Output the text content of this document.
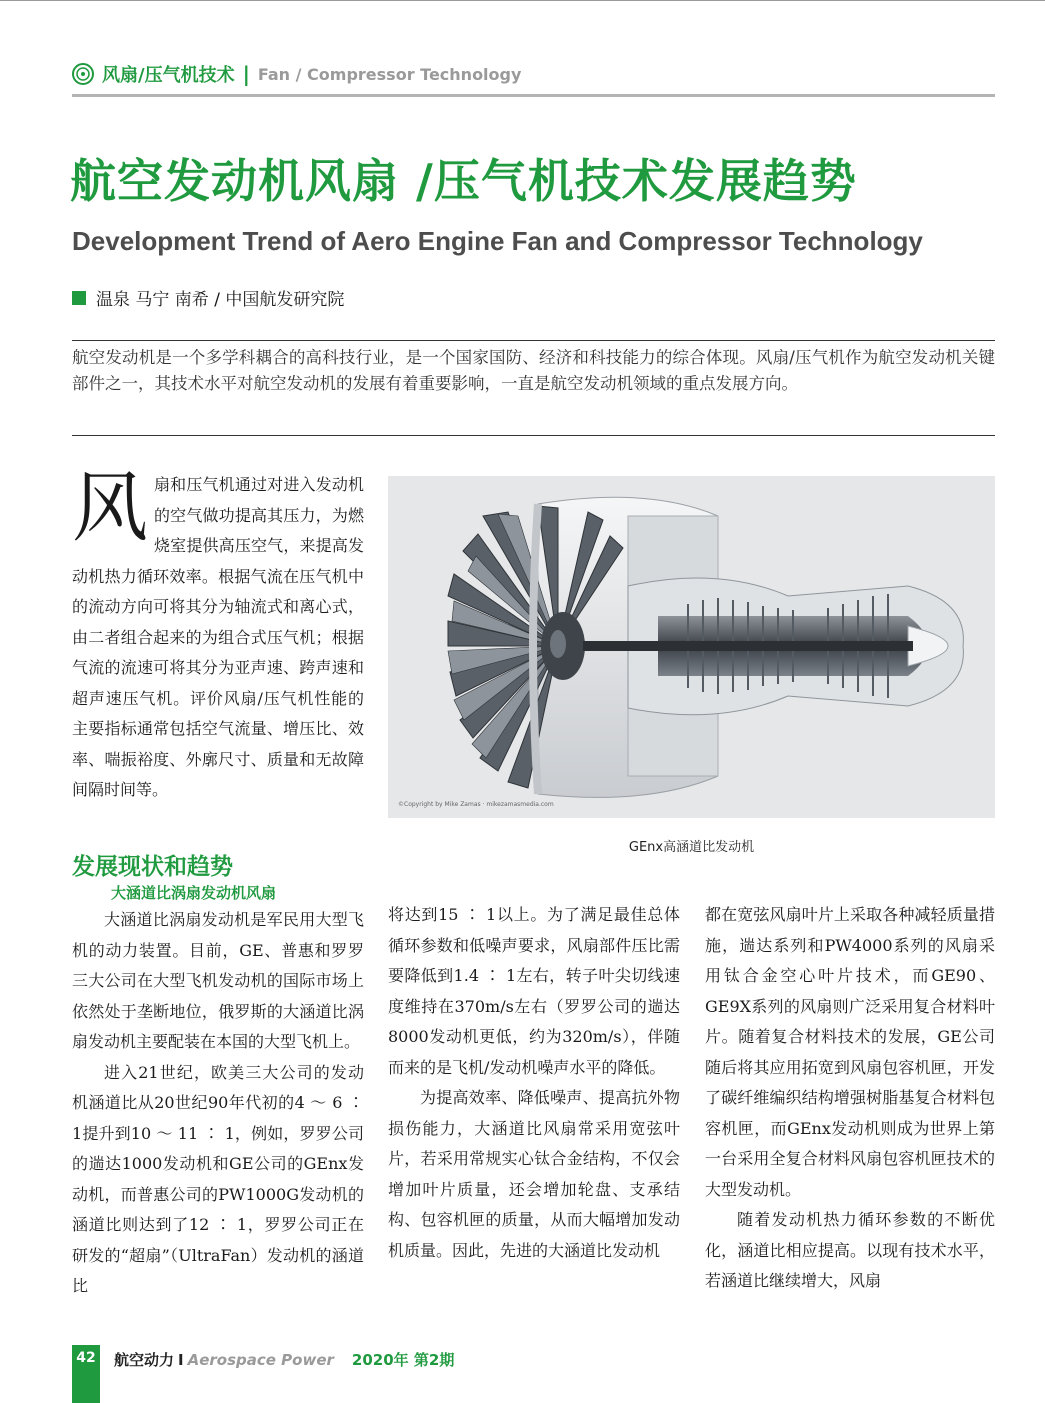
风扇/压气机技术 | Fan / Compressor Technology
航空发动机风扇 /压气机技术发展趋势
Development Trend of Aero Engine Fan and Compressor Technology
温泉 马宁 南希 / 中国航发研究院
航空发动机是一个多学科耦合的高科技行业，是一个国家国防、经济和科技能力的综合体现。风扇/压气机作为航空发动机关键部件之一，其技术水平对航空发动机的发展有着重要影响，一直是航空发动机领域的重点发展方向。
风扇和压气机通过对进入发动机的空气做功提高其压力，为燃烧室提供高压空气，来提高发动机热力循环效率。根据气流在压气机中的流动方向可将其分为轴流式和离心式，由二者组合起来的为组合式压气机；根据气流的流速可将其分为亚声速、跨声速和超声速压气机。评价风扇/压气机性能的主要指标通常包括空气流量、增压比、效率、喘振裕度、外廓尺寸、质量和无故障间隔时间等。
©Copyright by Mike Zamas · mikezamasmedia.com
GEnx高涵道比发动机
发展现状和趋势
大涵道比涡扇发动机风扇

大涵道比涡扇发动机是军民用大型飞机的动力装置。目前，GE、普惠和罗罗三大公司在大型飞机发动机的国际市场上依然处于垄断地位，俄罗斯的大涵道比涡扇发动机主要配装在本国的大型飞机上。

进入21世纪，欧美三大公司的发动机涵道比从20世纪90年代初的4 ～ 6 ∶ 1提升到10 ～ 11 ∶ 1，例如，罗罗公司的遄达1000发动机和GE公司的GEnx发动机，而普惠公司的PW1000G发动机的涵道比则达到了12 ∶ 1，罗罗公司正在研发的“超扇”（UltraFan）发动机的涵道比

将达到15 ∶ 1以上。为了满足最佳总体循环参数和低噪声要求，风扇部件压比需要降低到1.4 ∶ 1左右，转子叶尖切线速度维持在370m/s左右（罗罗公司的遄达8000发动机更低，约为320m/s），伴随而来的是飞机/发动机噪声水平的降低。

为提高效率、降低噪声、提高抗外物损伤能力，大涵道比风扇常采用宽弦叶片，若采用常规实心钛合金结构，不仅会增加叶片质量，还会增加轮盘、支承结构、包容机匣的质量，从而大幅增加发动机质量。因此，先进的大涵道比发动机

都在宽弦风扇叶片上采取各种减轻质量措施，遄达系列和PW4000系列的风扇采用钛合金空心叶片技术，而GE90、GE9X系列的风扇则广泛采用复合材料叶片。随着复合材料技术的发展，GE公司随后将其应用拓宽到风扇包容机匣，开发了碳纤维编织结构增强树脂基复合材料包容机匣，而GEnx发动机则成为世界上第一台采用全复合材料风扇包容机匣技术的大型发动机。

随着发动机热力循环参数的不断优化，涵道比相应提高。以现有技术水平，若涵道比继续增大，风扇

42 航空动力 I Aerospace Power 2020年 第2期
